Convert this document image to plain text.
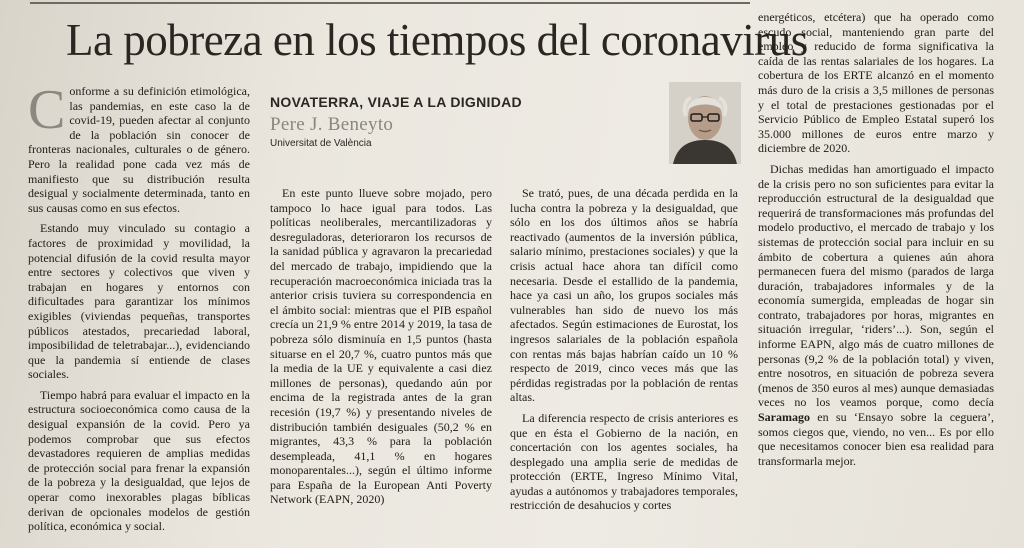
La pobreza en los tiempos del coronavirus

Conforme a su definición etimológica, las pandemias, en este caso la de covid-19, pueden afectar al conjunto de la población sin conocer de fronteras nacionales, culturales o de género. Pero la realidad pone cada vez más de manifiesto que su distribución resulta desigual y socialmente determinada, tanto en sus causas como en sus efectos.

Estando muy vinculado su contagio a factores de proximidad y movilidad, la potencial difusión de la covid resulta mayor entre sectores y colectivos que viven y trabajan en hogares y entornos con dificultades para garantizar los mínimos exigibles (viviendas pequeñas, transportes públicos atestados, precariedad laboral, imposibilidad de teletrabajar...), evidenciando que la pandemia sí entiende de clases sociales.

Tiempo habrá para evaluar el impacto en la estructura socioeconómica como causa de la desigual expansión de la covid. Pero ya podemos comprobar que sus efectos devastadores requieren de amplias medidas de protección social para frenar la expansión de la pobreza y la desigualdad, que lejos de operar como inexorables plagas bíblicas derivan de opcionales modelos de gestión política, económica y social.

NOVATERRA, VIAJE A LA DIGNIDAD
Pere J. Beneyto
Universitat de València

En este punto llueve sobre mojado, pero tampoco lo hace igual para todos. Las políticas neoliberales, mercantilizadoras y desreguladoras, deterioraron los recursos de la sanidad pública y agravaron la precariedad del mercado de trabajo, impidiendo que la recuperación macroeconómica iniciada tras la anterior crisis tuviera su correspondencia en el ámbito social: mientras que el PIB español crecía un 21,9 % entre 2014 y 2019, la tasa de pobreza sólo disminuía en 1,5 puntos (hasta situarse en el 20,7 %, cuatro puntos más que la media de la UE y equivalente a casi diez millones de personas), quedando aún por encima de la registrada antes de la gran recesión (19,7 %) y presentando niveles de distribución también desiguales (50,2 % en migrantes, 43,3 % para la población desempleada, 41,1 % en hogares monoparentales...), según el último informe para España de la European Anti Poverty Network (EAPN, 2020)

Se trató, pues, de una década perdida en la lucha contra la pobreza y la desigualdad, que sólo en los dos últimos años se habría reactivado (aumentos de la inversión pública, salario mínimo, prestaciones sociales) y que la crisis actual hace ahora tan difícil como necesaria. Desde el estallido de la pandemia, hace ya casi un año, los grupos sociales más vulnerables han sido de nuevo los más afectados. Según estimaciones de Eurostat, los ingresos salariales de la población española con rentas más bajas habrían caído un 10 % respecto de 2019, cinco veces más que las pérdidas registradas por la población de rentas altas.

La diferencia respecto de crisis anteriores es que en ésta el Gobierno de la nación, en concertación con los agentes sociales, ha desplegado una amplia serie de medidas de protección (ERTE, Ingreso Mínimo Vital, ayudas a autónomos y trabajadores temporales, restricción de desahucios y cortes

energéticos, etcétera) que ha operado como escudo social, manteniendo gran parte del empleo y reducido de forma significativa la caída de las rentas salariales de los hogares. La cobertura de los ERTE alcanzó en el momento más duro de la crisis a 3,5 millones de personas y el total de prestaciones gestionadas por el Servicio Público de Empleo Estatal superó los 35.000 millones de euros entre marzo y diciembre de 2020.

Dichas medidas han amortiguado el impacto de la crisis pero no son suficientes para evitar la reproducción estructural de la desigualdad que requerirá de transformaciones más profundas del modelo productivo, el mercado de trabajo y los sistemas de protección social para incluir en su ámbito de cobertura a quienes aún ahora permanecen fuera del mismo (parados de larga duración, trabajadores informales y de la economía sumergida, empleadas de hogar sin contrato, trabajadores por horas, migrantes en situación irregular, ‘riders’...). Son, según el informe EAPN, algo más de cuatro millones de personas (9,2 % de la población total) y viven, entre nosotros, en situación de pobreza severa (menos de 350 euros al mes) aunque demasiadas veces no los veamos porque, como decía Saramago en su ‘Ensayo sobre la ceguera’, somos ciegos que, viendo, no ven... Es por ello que necesitamos conocer bien esa realidad para transformarla mejor.
